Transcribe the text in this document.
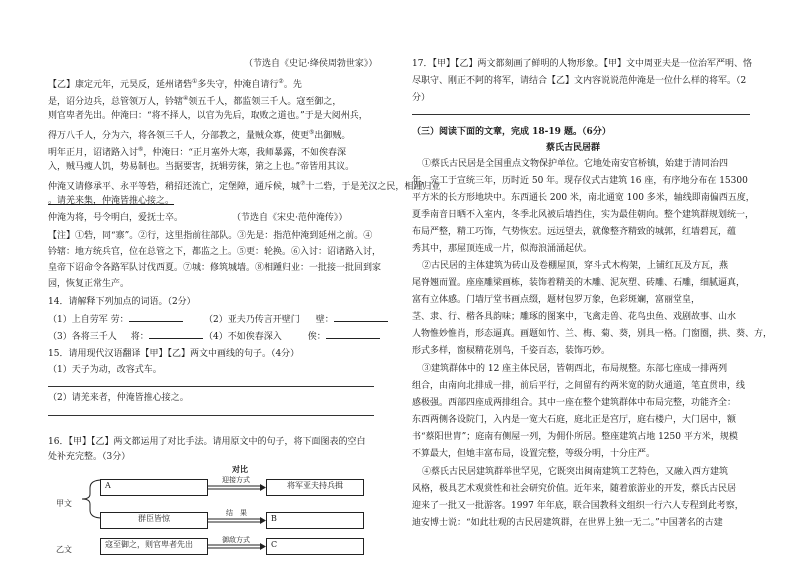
（节选自《史记·绛侯周勃世家》）
【乙】康定元年，元昊反，延州诸砦①多失守，仲淹自请行②。先
是，诏分边兵，总管领万人，钤辖④领五千人，都监领三千人。寇至御之，
则官卑者先出。仲淹曰：“将不择人，以官为先后，取败之道也。”于是大阅州兵，
得万八千人，分为六，将各领三千人，分部教之，量贼众寡，使更⑤出御贼。
明年正月，诏诸路入讨⑥，仲淹曰：“正月塞外大寒，我师暴露，不如俟春深
入，贼马瘦人饥，势易制也。当据要害，抚辑劳徕，第之上也。”帝皆用其议。
仲淹又请修承平、永平等砦，稍招还流亡，定堡障，通斥候，城⑦十二砦，于是羌汉之民，相踵归业
。请羌来集，仲淹皆推心接之。
仲淹为将，号令明白，爱抚士卒。	（节选自《宋史·范仲淹传》）
【注】①砦，同“寨”。②行，这里指前往部队。③先是：指范仲淹到延州之前。④
钤辖：地方统兵官，位在总管之下，都监之上。⑤更：轮换。⑥入讨：诏诸路入讨，
皇帝下诏命令各路军队讨伐西夏。⑦城：修筑城墙。⑧相踵归业：一批接一批回到家
园，恢复正常生产。
14．请解释下列加点的词语。（2分）
（1）上自劳军 劳：	（2）亚夫乃传言开壁门 壁：
（3）各将三千人 将：	（4）不如俟春深入	俟：
15．请用现代汉语翻译【甲】【乙】两文中画线的句子。（4分）
（1）天子为动，改容式车。
（2）请羌来者，仲淹皆推心接之。
16．【甲】【乙】两文都运用了对比手法。请用原文中的句子，将下面图表的空白
处补充完整。（3分）
对比
甲文
乙文
A
群臣皆惊
寇至御之，则官卑者先出
将军亚夫持兵揖
B
C
迎接方式
结　果
御敌方式
17．【甲】【乙】两文都刻画了鲜明的人物形象。【甲】文中周亚夫是一位治军严明、恪
尽职守、刚正不阿的将军，请结合【乙】文内容说说范仲淹是一位什么样的将军。（2
分）
（三）阅读下面的文章，完成 18-19 题。（6分）
蔡氏古民居群
①蔡氏古民居是全国重点文物保护单位。它地处南安官桥镇，始建于清同治四
年，完工于宣统三年，历时近 50 年。现存仪式古建筑 16 座，有序地分布在 15300
平方米的长方形地块中。东西通长 200 米，南北通宽 100 多米，轴线即南偏西五度，
夏季南音日晒不入室内，冬季北风被后墙挡住，实为最佳朝向。整个建筑群规划统一，
布局严整，精工巧饰，气势恢宏。远远望去，就像整齐精致的城郭，红墙碧瓦，蕴
秀其中，那屋顶连成一片，似海浪涌涌起伏。
②古民居的主体建筑为砖山及卷棚屋顶，穿斗式木构架，上铺红瓦及方瓦，燕
尾脊翘而置。座座雕梁画栋，装饰着精美的木雕、泥灰塑、砖雕、石雕，细腻逼真，
富有立体感。门墙厅堂书画点缀，题材包罗万象，色彩斑斓，富丽堂皇，
茎、隶、行、楷各具韵味；雕琢的图案中，飞禽走兽、花鸟虫鱼、戏剧故事、山水
人物惟妙惟肖，形态逼真。画题如竹、兰、梅、菊、葵，别具一格。门窗圈，拱、葵、方，
形式多样，窗棂精花别鸟，千姿百态，装饰巧妙。
③建筑群体中的 12 座主体民居，皆朝西北，布局规整。东部七座成一排两列
组合，由南向北排成一排，前后平行，之间留有约两米宽的防火通道，笔直贯串，线
感极强。西部四座成两排组合。其中一座在整个建筑群体中布局完整，功能齐全：
东西两侧各设院门，入内是一宽大石庭，庭北正是宫厅，庭右楼户，大门居中，额
书“蔡阳世胄”；庭南有侧屋一列，为佣仆所居。整座建筑占地 1250 平方米，规模
不算最大，但她丰富布局，设置完整，等级分明，十分庄严。
④蔡氏古民居建筑群举世罕见，它既突出闽南建筑工艺特色，又融入西方建筑
风格，极具艺术观赏性和社会研究价值。近年来，随着旅游业的开发，蔡氏古民居
迎来了一批又一批游客。1997 年年底，联合国教科文组织一行六人专程到此考察，
迪安博士说：“如此壮观的古民居建筑群，在世界上独一无二。”中国著名的古建
